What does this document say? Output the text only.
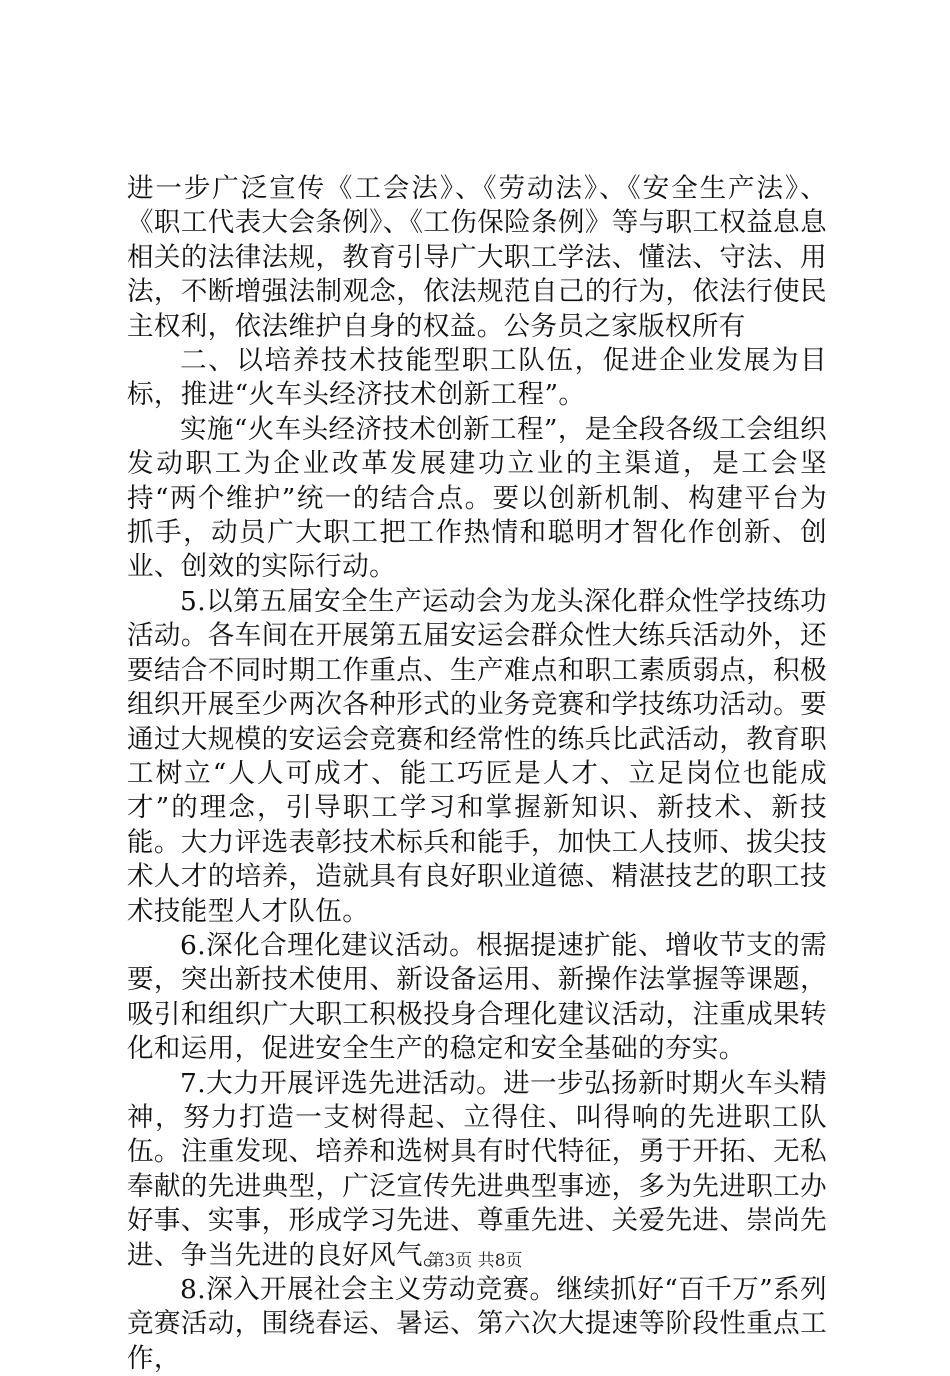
进一步广泛宣传《工会法》、《劳动法》、《安全生产法》、《职工代表大会条例》、《工伤保险条例》等与职工权益息息相关的法律法规，教育引导广大职工学法、懂法、守法、用法，不断增强法制观念，依法规范自己的行为，依法行使民主权利，依法维护自身的权益。公务员之家版权所有

二、以培养技术技能型职工队伍，促进企业发展为目标，推进“火车头经济技术创新工程”。

实施“火车头经济技术创新工程”，是全段各级工会组织发动职工为企业改革发展建功立业的主渠道，是工会坚持“两个维护”统一的结合点。要以创新机制、构建平台为抓手，动员广大职工把工作热情和聪明才智化作创新、创业、创效的实际行动。

5.以第五届安全生产运动会为龙头深化群众性学技练功活动。各车间在开展第五届安运会群众性大练兵活动外，还要结合不同时期工作重点、生产难点和职工素质弱点，积极组织开展至少两次各种形式的业务竞赛和学技练功活动。要通过大规模的安运会竞赛和经常性的练兵比武活动，教育职工树立“人人可成才、能工巧匠是人才、立足岗位也能成才”的理念，引导职工学习和掌握新知识、新技术、新技能。大力评选表彰技术标兵和能手，加快工人技师、拔尖技术人才的培养，造就具有良好职业道德、精湛技艺的职工技术技能型人才队伍。

6.深化合理化建议活动。根据提速扩能、增收节支的需要，突出新技术使用、新设备运用、新操作法掌握等课题，吸引和组织广大职工积极投身合理化建议活动，注重成果转化和运用，促进安全生产的稳定和安全基础的夯实。

7.大力开展评选先进活动。进一步弘扬新时期火车头精神，努力打造一支树得起、立得住、叫得响的先进职工队伍。注重发现、培养和选树具有时代特征，勇于开拓、无私奉献的先进典型，广泛宣传先进典型事迹，多为先进职工办好事、实事，形成学习先进、尊重先进、关爱先进、崇尚先进、争当先进的良好风气。

8.深入开展社会主义劳动竞赛。继续抓好“百千万”系列竞赛活动，围绕春运、暑运、第六次大提速等阶段性重点工作，

第3页 共8页
